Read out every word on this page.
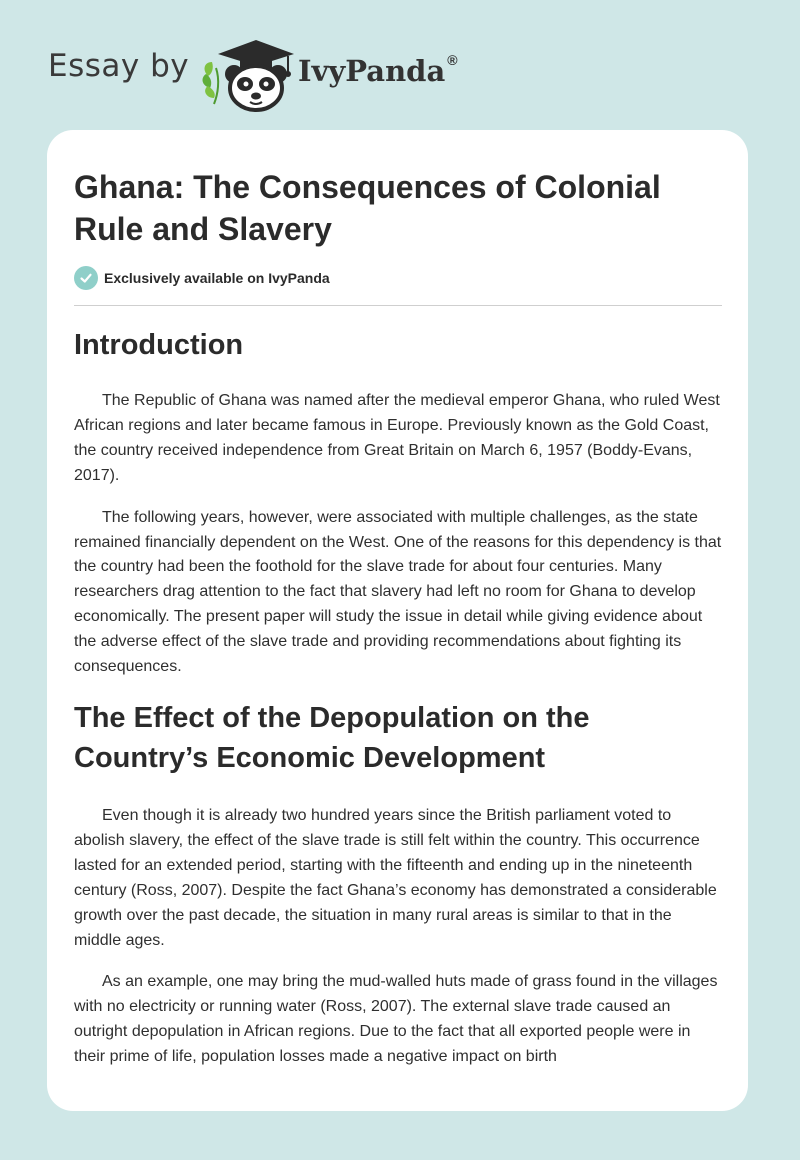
Essay by	IvyPanda ®
Ghana: The Consequences of Colonial Rule and Slavery
Exclusively available on IvyPanda
Introduction

The Republic of Ghana was named after the medieval emperor Ghana, who ruled West African regions and later became famous in Europe. Previously known as the Gold Coast, the country received independence from Great Britain on March 6, 1957 (Boddy-Evans, 2017).

The following years, however, were associated with multiple challenges, as the state remained financially dependent on the West. One of the reasons for this dependency is that the country had been the foothold for the slave trade for about four centuries. Many researchers drag attention to the fact that slavery had left no room for Ghana to develop economically. The present paper will study the issue in detail while giving evidence about the adverse effect of the slave trade and providing recommendations about fighting its consequences.

The Effect of the Depopulation on the Country’s Economic Development

Even though it is already two hundred years since the British parliament voted to abolish slavery, the effect of the slave trade is still felt within the country. This occurrence lasted for an extended period, starting with the fifteenth and ending up in the nineteenth century (Ross, 2007). Despite the fact Ghana’s economy has demonstrated a considerable growth over the past decade, the situation in many rural areas is similar to that in the middle ages.

As an example, one may bring the mud-walled huts made of grass found in the villages with no electricity or running water (Ross, 2007). The external slave trade caused an outright depopulation in African regions. Due to the fact that all exported people were in their prime of life, population losses made a negative impact on birth
